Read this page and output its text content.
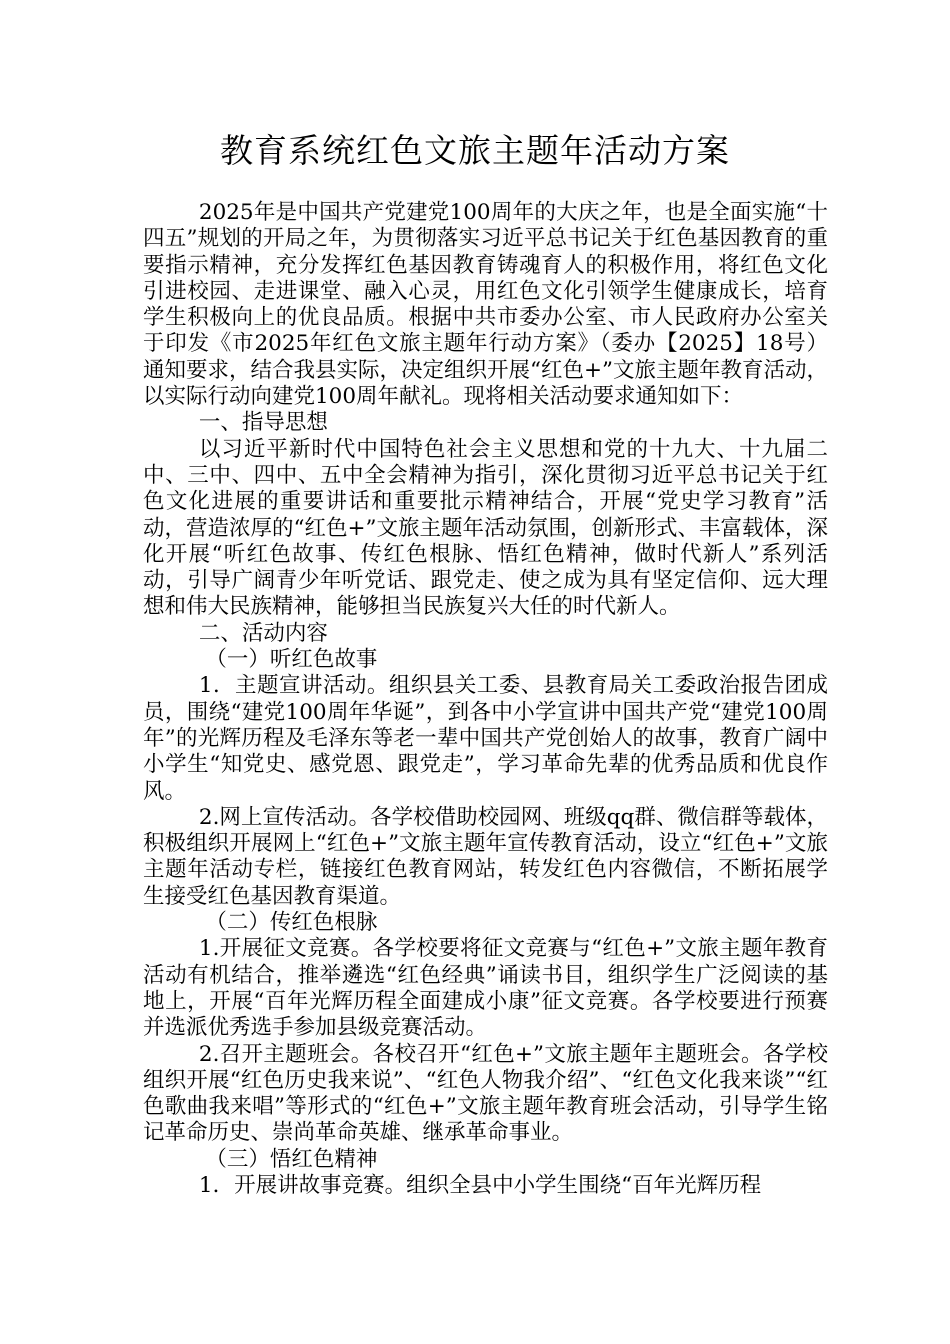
教育系统红色文旅主题年活动方案

2025年是中国共产党建党100周年的大庆之年，也是全面实施“十四五”规划的开局之年，为贯彻落实习近平总书记关于红色基因教育的重要指示精神，充分发挥红色基因教育铸魂育人的积极作用，将红色文化引进校园、走进课堂、融入心灵，用红色文化引领学生健康成长，培育学生积极向上的优良品质。根据中共市委办公室、市人民政府办公室关于印发《市2025年红色文旅主题年行动方案》（委办【2025】18号）通知要求，结合我县实际，决定组织开展“红色+”文旅主题年教育活动，以实际行动向建党100周年献礼。现将相关活动要求通知如下：

一、指导思想

以习近平新时代中国特色社会主义思想和党的十九大、十九届二中、三中、四中、五中全会精神为指引，深化贯彻习近平总书记关于红色文化进展的重要讲话和重要批示精神结合，开展“党史学习教育”活动，营造浓厚的“红色+”文旅主题年活动氛围，创新形式、丰富载体，深化开展“听红色故事、传红色根脉、悟红色精神，做时代新人”系列活动，引导广阔青少年听党话、跟党走、使之成为具有坚定信仰、远大理想和伟大民族精神，能够担当民族复兴大任的时代新人。

二、活动内容

（一）听红色故事

1．主题宣讲活动。组织县关工委、县教育局关工委政治报告团成员，围绕“建党100周年华诞”，到各中小学宣讲中国共产党“建党100周年”的光辉历程及毛泽东等老一辈中国共产党创始人的故事，教育广阔中小学生“知党史、感党恩、跟党走”，学习革命先辈的优秀品质和优良作风。

2.网上宣传活动。各学校借助校园网、班级qq群、微信群等载体，积极组织开展网上“红色+”文旅主题年宣传教育活动，设立“红色+”文旅主题年活动专栏，链接红色教育网站，转发红色内容微信，不断拓展学生接受红色基因教育渠道。

（二）传红色根脉

1.开展征文竞赛。各学校要将征文竞赛与“红色+”文旅主题年教育活动有机结合，推举遴选“红色经典”诵读书目，组织学生广泛阅读的基地上，开展“百年光辉历程全面建成小康”征文竞赛。各学校要进行预赛并选派优秀选手参加县级竞赛活动。

2.召开主题班会。各校召开“红色+”文旅主题年主题班会。各学校组织开展“红色历史我来说”、“红色人物我介绍”、“红色文化我来谈”“红色歌曲我来唱”等形式的“红色+”文旅主题年教育班会活动，引导学生铭记革命历史、崇尚革命英雄、继承革命事业。

（三）悟红色精神

1．开展讲故事竞赛。组织全县中小学生围绕“百年光辉历程
